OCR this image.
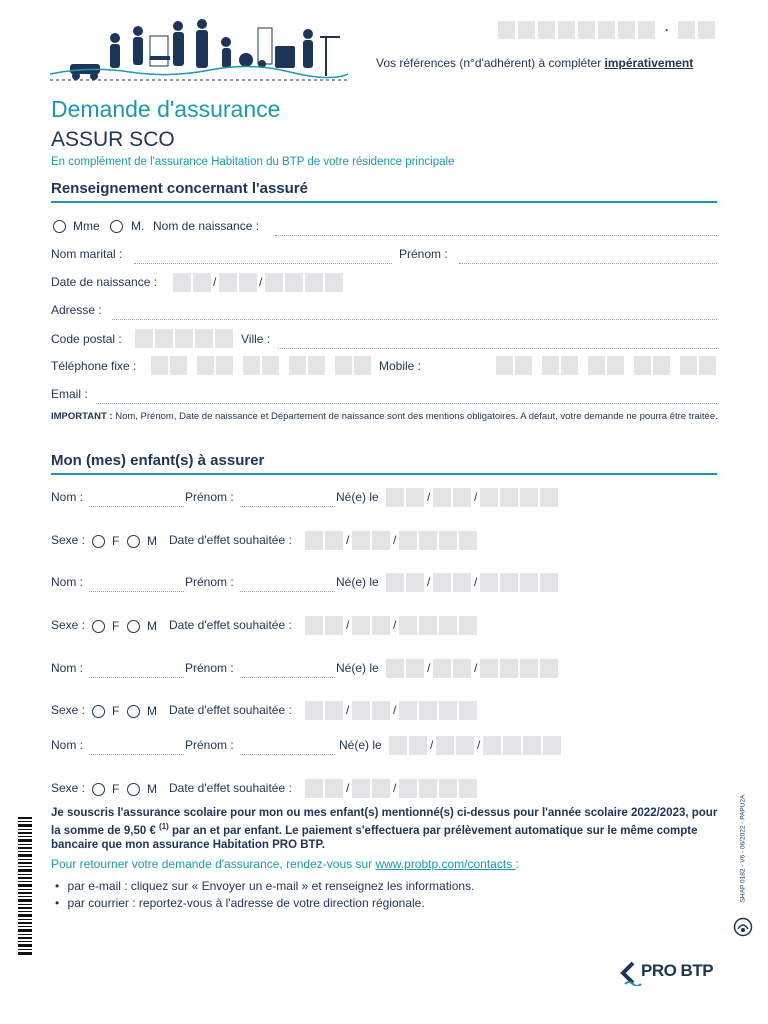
.
Vos références (n°d'adhérent) à compléter impérativement
Demande d'assurance
ASSUR SCO
En complément de l'assurance Habitation du BTP de votre résidence principale
Renseignement concernant l'assuré
Mme	M. Nom de naissance :
Nom marital :	Prénom :
Date de naissance :	/	/
Adresse :
Code postal :	Ville :
Téléphone fixe :	Mobile :
Email :
IMPORTANT : Nom, Prénom, Date de naissance et Département de naissance sont des mentions obligatoires. A défaut, votre demande ne pourra être traitée.
Mon (mes) enfant(s) à assurer
Nom :	Prénom :	Né(e) le	/	/
Sexe : F M Date d'effet souhaitée :	/	/
Nom :	Prénom :	Né(e) le	/	/
Sexe : F M Date d'effet souhaitée :	/	/
Nom :	Prénom :	Né(e) le	/	/
Sexe : F M Date d'effet souhaitée :	/	/
Nom :	Prénom :	Né(e) le	/	/
Sexe : F M Date d'effet souhaitée :	/	/
Je souscris l'assurance scolaire pour mon ou mes enfant(s) mentionné(s) ci-dessus pour l'année scolaire 2022/2023, pour la somme de 9,50 € $^{(1)}$ par an et par enfant. Le paiement s'effectuera par prélèvement automatique sur le même compte bancaire que mon assurance Habitation PRO BTP.
Pour retourner votre demande d'assurance, rendez-vous sur www.probtp.com/contacts :
• par e-mail : cliquez sur « Envoyer un e-mail » et renseignez les informations.
• par courrier : reportez-vous à l'adresse de votre direction régionale.
SHAP 0182 - V6 - 06/2022 - PAPU2A
PRO BTP
